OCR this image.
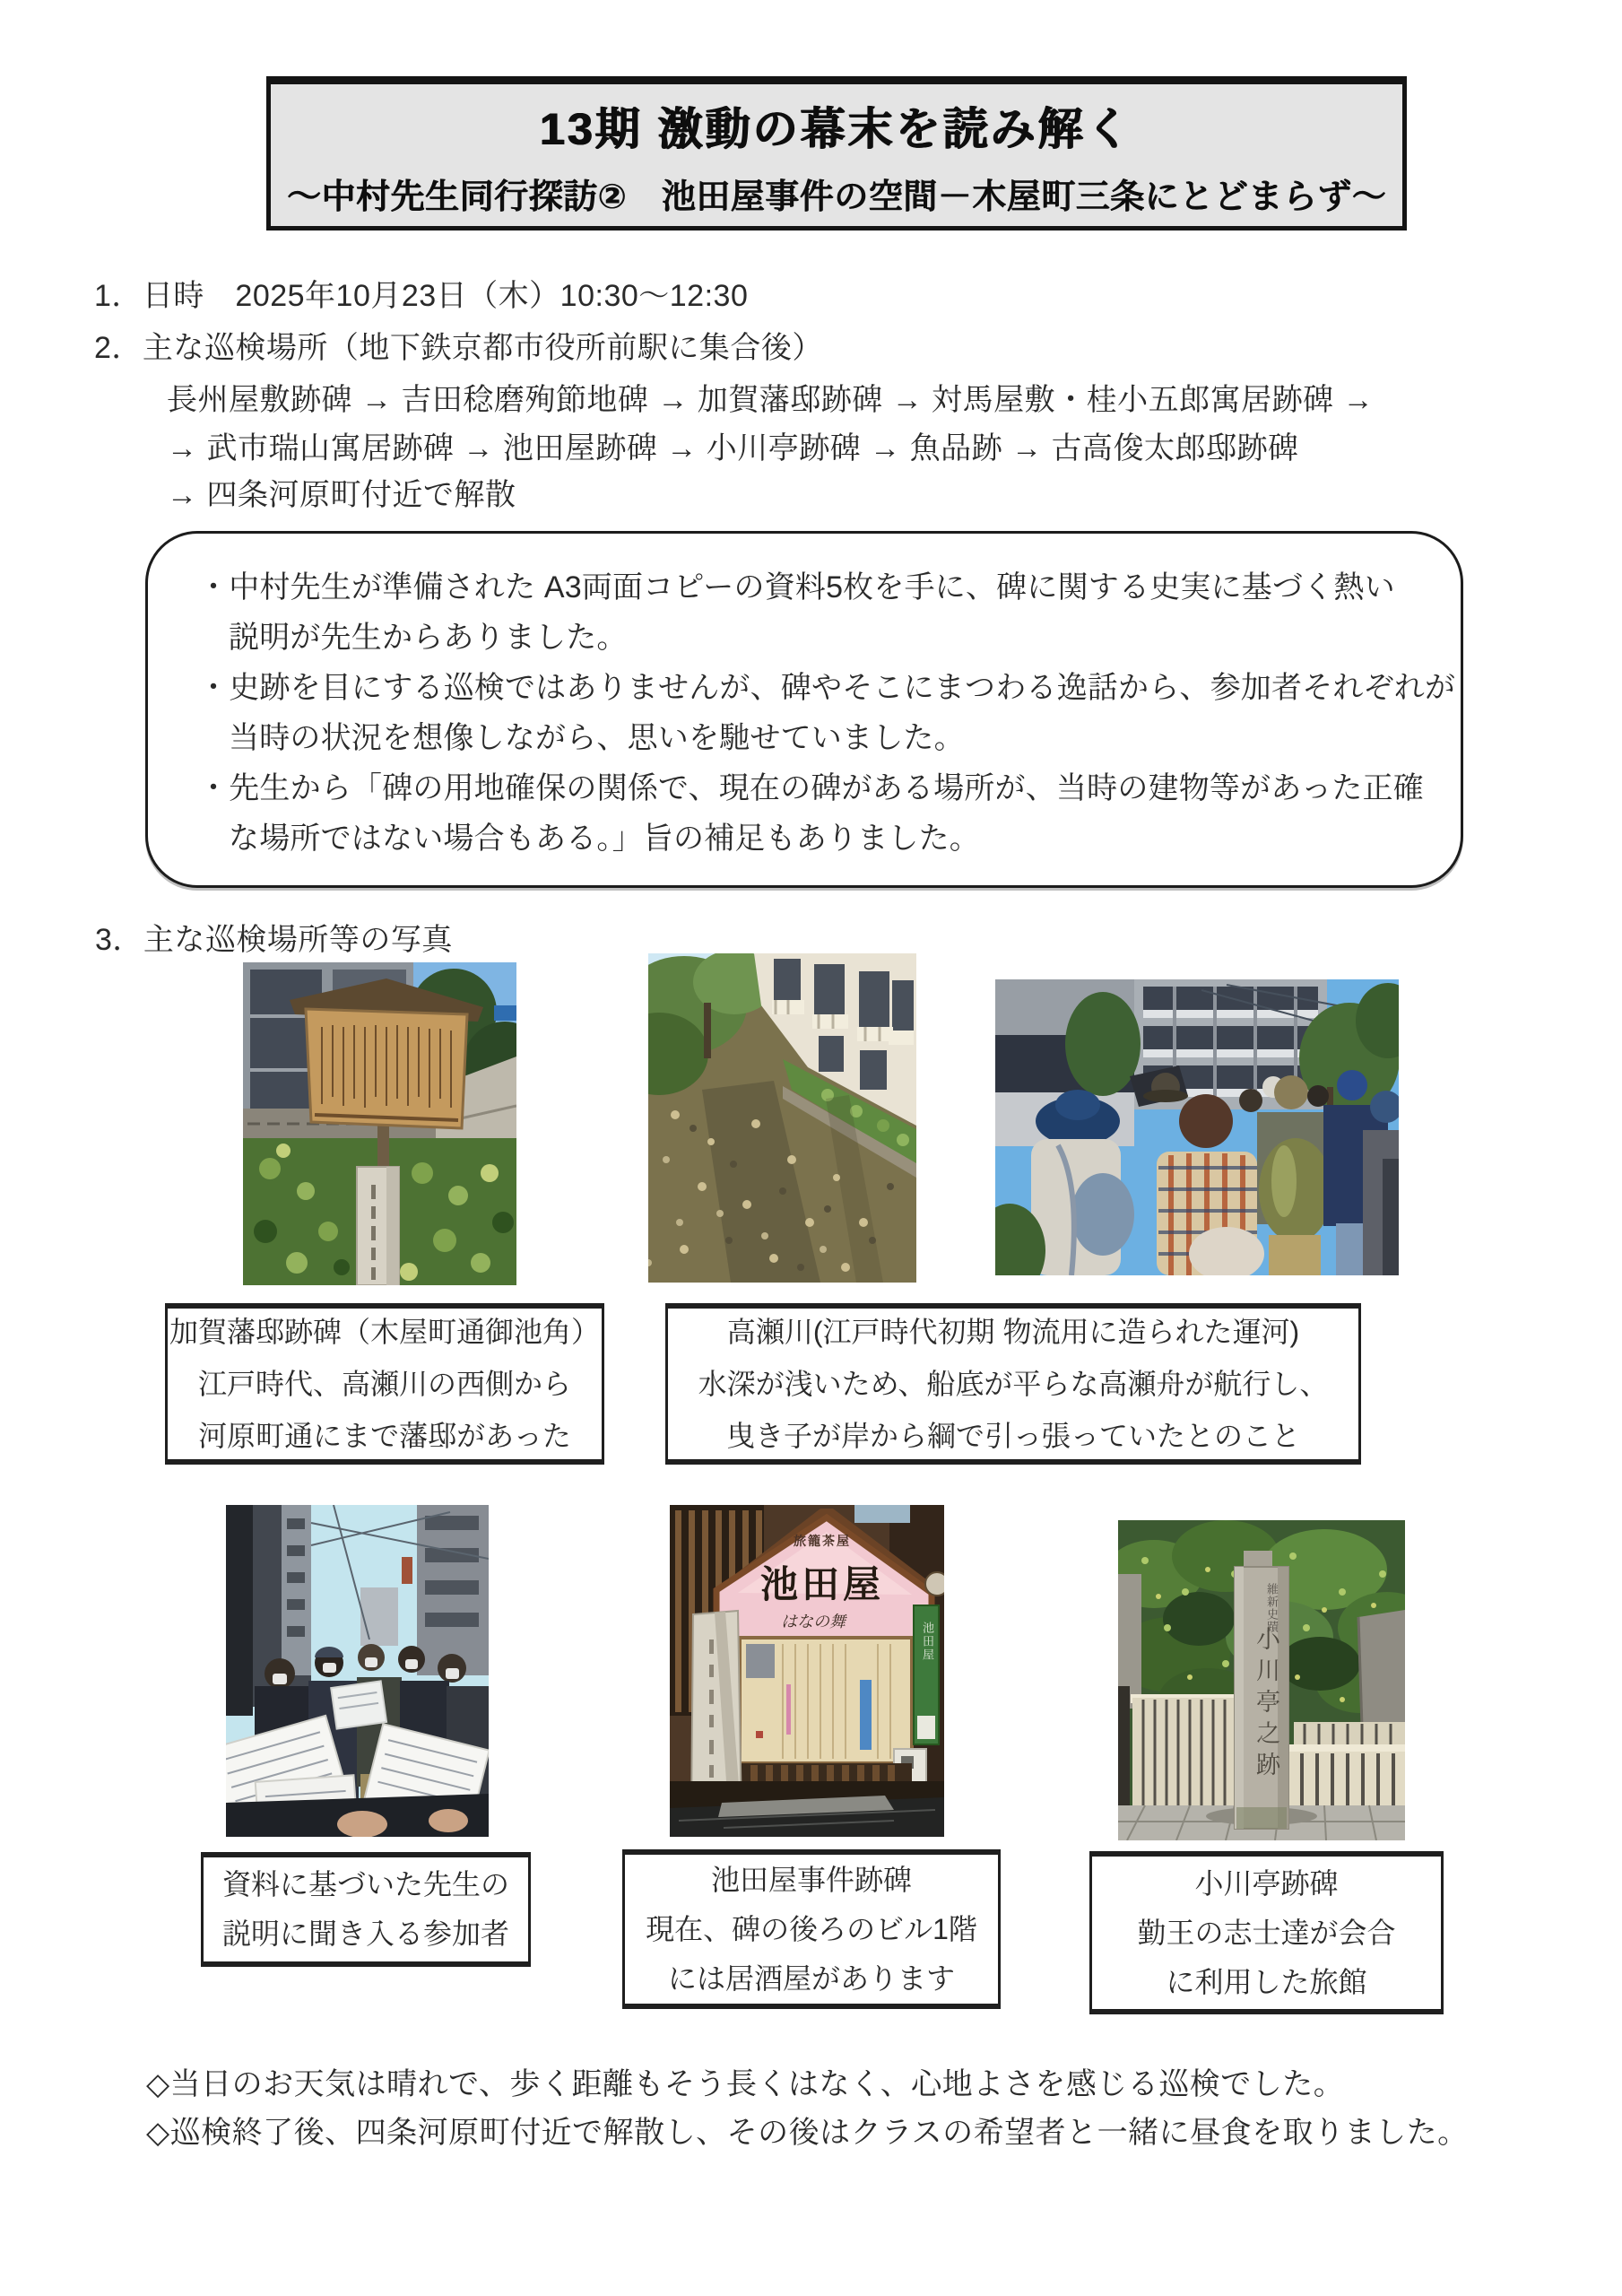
13期 激動の幕末を読み解く
～中村先生同行探訪②　池田屋事件の空間－木屋町三条にとどまらず～
1．日時　2025年10月23日（木）10:30～12:30
2．主な巡検場所（地下鉄京都市役所前駅に集合後）
長州屋敷跡碑 → 吉田稔磨殉節地碑 → 加賀藩邸跡碑 → 対馬屋敷・桂小五郎寓居跡碑 →
→ 武市瑞山寓居跡碑 → 池田屋跡碑 → 小川亭跡碑 → 魚品跡 → 古高俊太郎邸跡碑
→ 四条河原町付近で解散
・中村先生が準備された A3両面コピーの資料5枚を手に、碑に関する史実に基づく熱い
説明が先生からありました。
・史跡を目にする巡検ではありませんが、碑やそこにまつわる逸話から、参加者それぞれが
当時の状況を想像しながら、思いを馳せていました。
・先生から「碑の用地確保の関係で、現在の碑がある場所が、当時の建物等があった正確
な場所ではない場合もある。」旨の補足もありました。
3．主な巡検場所等の写真
加賀藩邸跡碑（木屋町通御池角）
江戸時代、高瀬川の西側から
河原町通にまで藩邸があった
高瀬川(江戸時代初期 物流用に造られた運河)
水深が浅いため、船底が平らな高瀬舟が航行し、
曳き子が岸から綱で引っ張っていたとのこと
旅籠茶屋
池田屋
はなの舞	池田屋
維新史蹟
小川亭之跡
資料に基づいた先生の
説明に聞き入る参加者
池田屋事件跡碑
現在、碑の後ろのビル1階
には居酒屋があります
小川亭跡碑
勤王の志士達が会合
に利用した旅館
◇当日のお天気は晴れで、歩く距離もそう長くはなく、心地よさを感じる巡検でした。
◇巡検終了後、四条河原町付近で解散し、その後はクラスの希望者と一緒に昼食を取りました。
